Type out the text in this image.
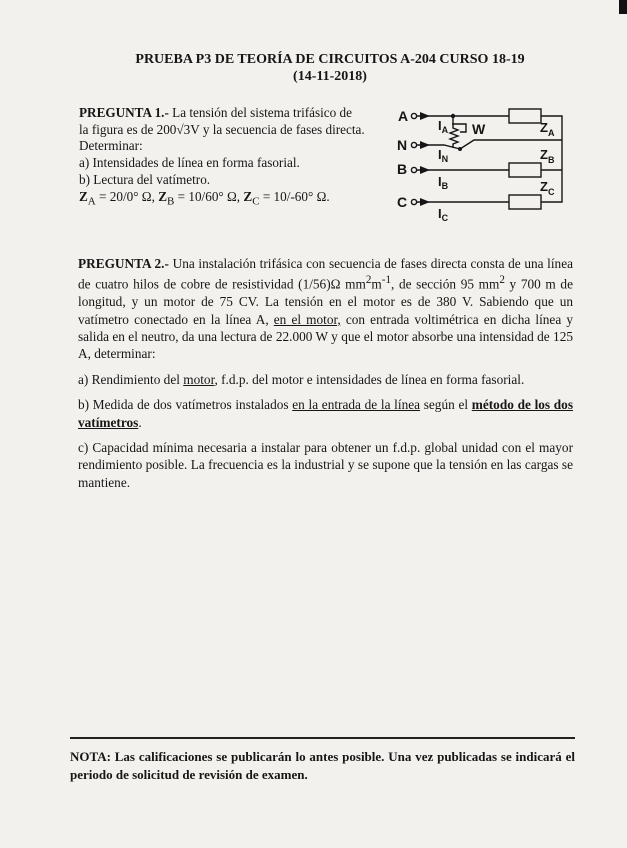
PRUEBA P3 DE TEORÍA DE CIRCUITOS A-204 CURSO 18-19
(14-11-2018)
PREGUNTA 1.- La tensión del sistema trifásico de
la figura es de 200√3V y la secuencia de fases directa.
Determinar:
a) Intensidades de línea en forma fasorial.
b) Lectura del vatímetro.
$Z_A = 20/0^\circ$ Ω, $Z_B = 10/60^\circ$ Ω, $Z_C = 10/-60^\circ$ Ω.
A
N
B
C
W
$I_A$
$I_N$
$I_B$
$I_C$
$Z_A$
$Z_B$
$Z_C$

PREGUNTA 2.- Una instalación trifásica con secuencia de fases directa consta de una línea de cuatro hilos de cobre de resistividad (1/56)Ω $mm^2m^{-1}$, de sección 95 $mm^2$ y 700 m de longitud, y un motor de 75 CV. La tensión en el motor es de 380 V. Sabiendo que un vatímetro conectado en la línea A, en el motor, con entrada voltimétrica en dicha línea y salida en el neutro, da una lectura de 22.000 W y que el motor absorbe una intensidad de 125 A, determinar:

a) Rendimiento del motor, f.d.p. del motor e intensidades de línea en forma fasorial.

b) Medida de dos vatímetros instalados en la entrada de la línea según el método de los dos vatímetros.

c) Capacidad mínima necesaria a instalar para obtener un f.d.p. global unidad con el mayor rendimiento posible. La frecuencia es la industrial y se supone que la tensión en las cargas se mantiene.

NOTA: Las calificaciones se publicarán lo antes posible. Una vez publicadas se indicará el periodo de solicitud de revisión de examen.
